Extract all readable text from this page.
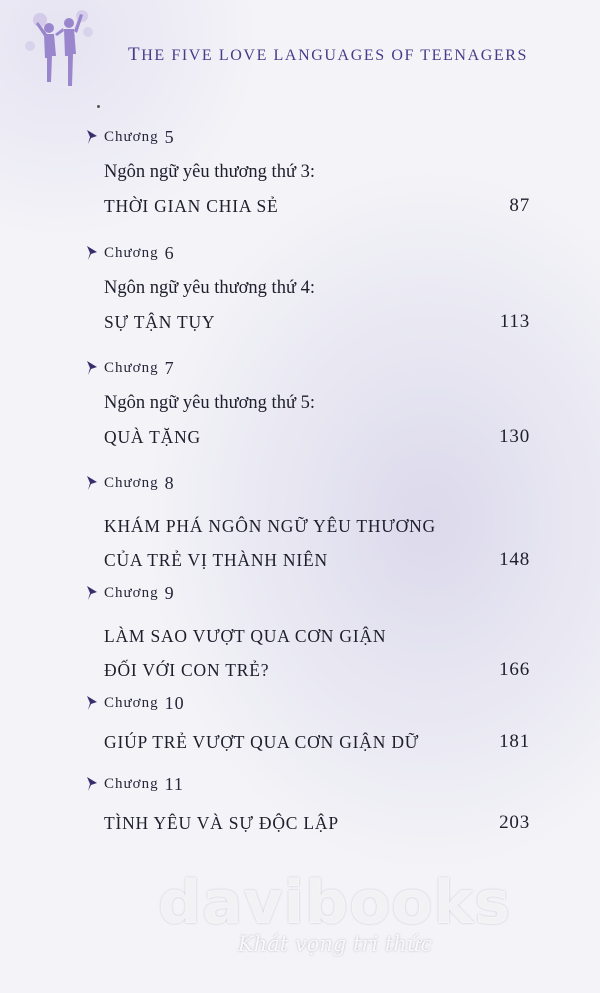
THE FIVE LOVE LANGUAGES OF TEENAGERS
Chương 5
Ngôn ngữ yêu thương thứ 3:
THỜI GIAN CHIA SẺ	87
Chương 6
Ngôn ngữ yêu thương thứ 4:
SỰ TẬN TỤY	113
Chương 7
Ngôn ngữ yêu thương thứ 5:
QUÀ TẶNG	130
Chương 8
KHÁM PHÁ NGÔN NGỮ YÊU THƯƠNG
CỦA TRẺ VỊ THÀNH NIÊN	148
Chương 9
LÀM SAO VƯỢT QUA CƠN GIẬN
ĐỐI VỚI CON TRẺ?	166
Chương 10
GIÚP TRẺ VƯỢT QUA CƠN GIẬN DỮ	181
Chương 11
TÌNH YÊU VÀ SỰ ĐỘC LẬP	203
davibooks
Khát vọng tri thức
